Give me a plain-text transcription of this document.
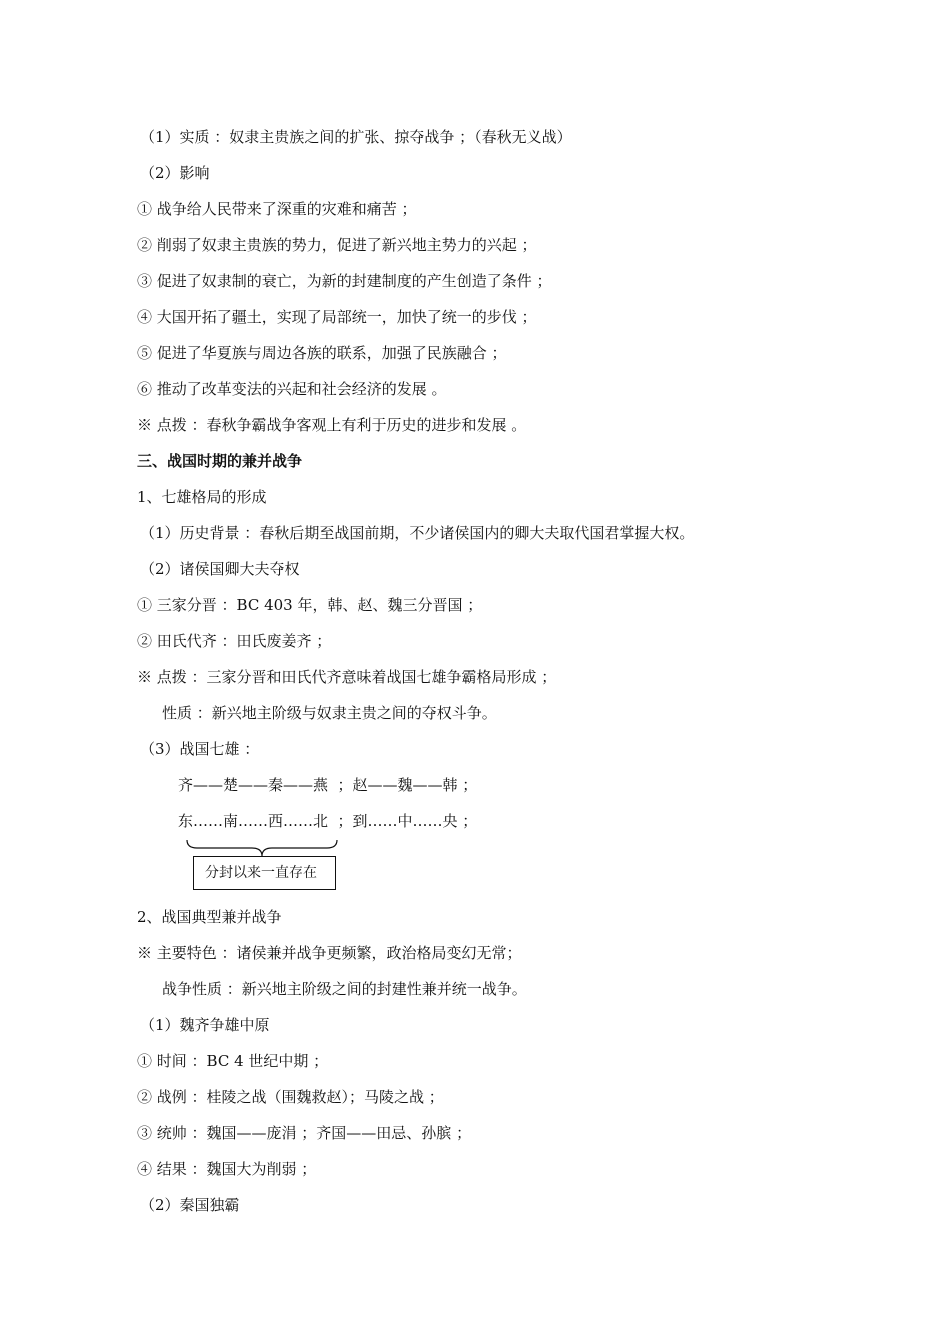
（1）实质 ：奴隶主贵族之间的扩张、掠夺战争 ；（春秋无义战）
（2）影响
① 战争给人民带来了深重的灾难和痛苦 ；
② 削弱了奴隶主贵族的势力，促进了新兴地主势力的兴起 ；
③ 促进了奴隶制的衰亡，为新的封建制度的产生创造了条件 ；
④ 大国开拓了疆土，实现了局部统一，加快了统一的步伐 ；
⑤ 促进了华夏族与周边各族的联系，加强了民族融合 ；
⑥ 推动了改革变法的兴起和社会经济的发展 。
※ 点拨 ：春秋争霸战争客观上有利于历史的进步和发展 。
三、战国时期的兼并战争
1、七雄格局的形成
（1）历史背景 ：春秋后期至战国前期，不少诸侯国内的卿大夫取代国君掌握大权。
（2）诸侯国卿大夫夺权
① 三家分晋 ：BC 403 年，韩、赵、魏三分晋国 ；
② 田氏代齐 ：田氏废姜齐 ；
※ 点拨 ：三家分晋和田氏代齐意味着战国七雄争霸格局形成 ；
性质 ：新兴地主阶级与奴隶主贵之间的夺权斗争。
（3）战国七雄 ：
齐——楚——秦——燕  ；赵——魏——韩 ；
东……南……西……北  ；到……中……央 ；
分封以来一直存在
2、战国典型兼并战争
※ 主要特色 ：诸侯兼并战争更频繁，政治格局变幻无常；
战争性质 ：新兴地主阶级之间的封建性兼并统一战争。
（1）魏齐争雄中原
① 时间 ：BC 4 世纪中期 ；
② 战例 ：桂陵之战（围魏救赵）；马陵之战 ；
③ 统帅 ：魏国——庞涓 ；齐国——田忌、孙膑 ；
④ 结果 ：魏国大为削弱 ；
（2）秦国独霸
